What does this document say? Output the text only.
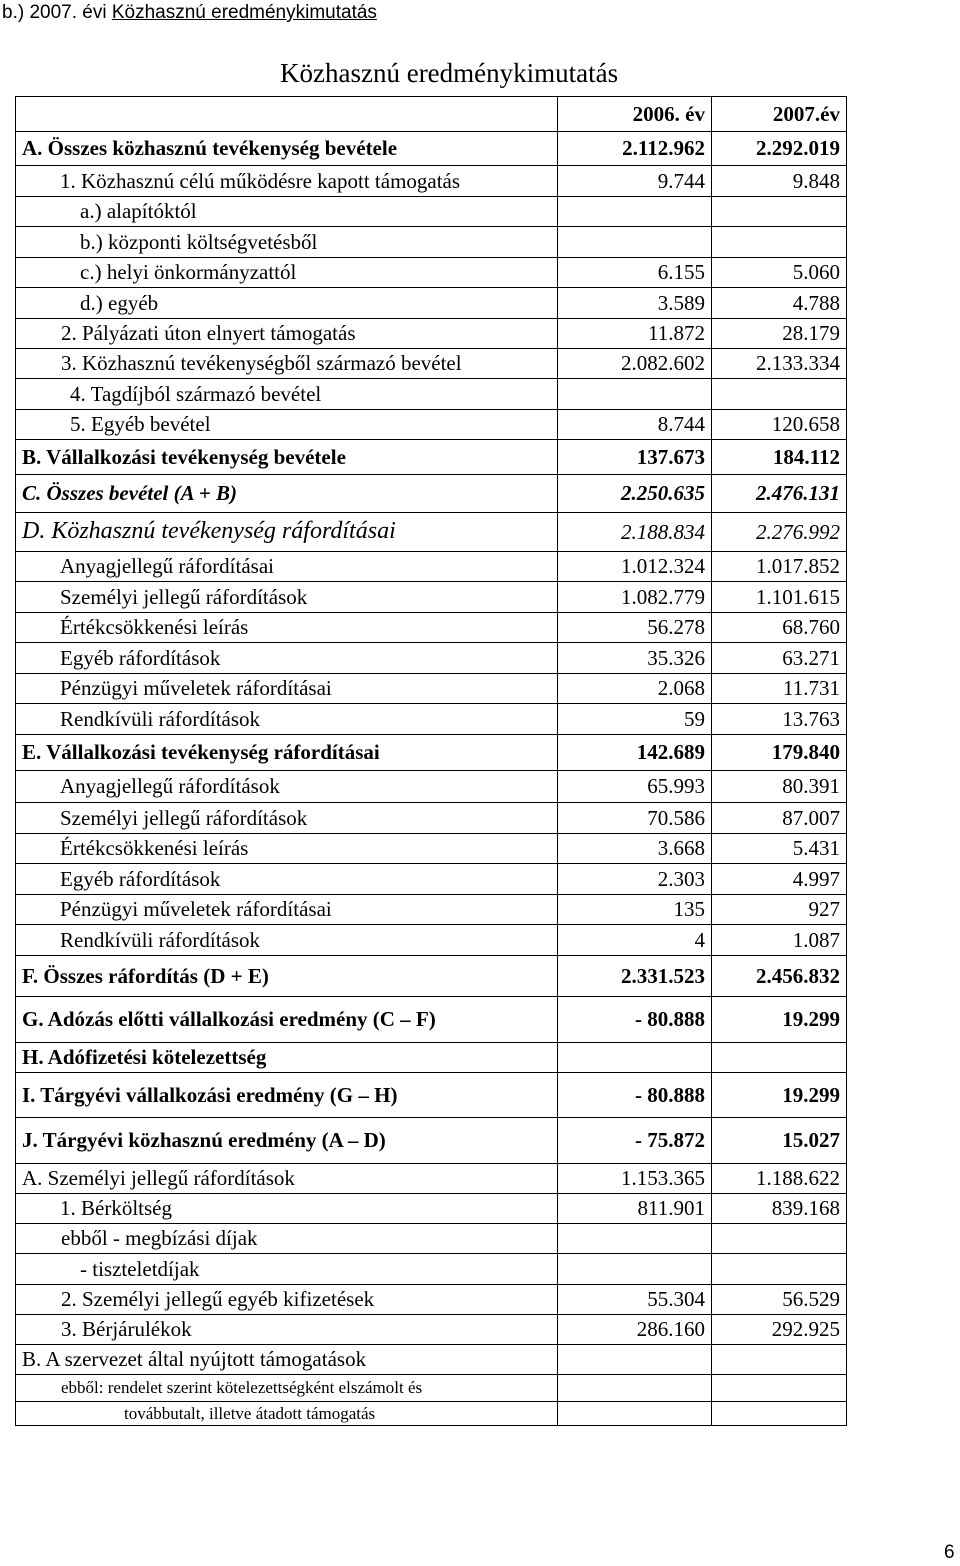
b.) 2007. évi Közhasznú eredménykimutatás
Közhasznú eredménykimutatás
	2006. év	2007.év
A. Összes közhasznú tevékenység bevétele	2.112.962	2.292.019
1. Közhasznú célú működésre kapott támogatás	9.744	9.848
a.) alapítóktól		
b.) központi költségvetésből		
c.) helyi önkormányzattól	6.155	5.060
d.) egyéb	3.589	4.788
2. Pályázati úton elnyert támogatás	11.872	28.179
3. Közhasznú tevékenységből származó bevétel	2.082.602	2.133.334
4. Tagdíjból származó bevétel		
5. Egyéb bevétel	8.744	120.658
B. Vállalkozási tevékenység bevétele	137.673	184.112
C. Összes bevétel (A + B)	2.250.635	2.476.131
D. Közhasznú tevékenység ráfordításai	2.188.834	2.276.992
Anyagjellegű ráfordításai	1.012.324	1.017.852
Személyi jellegű ráfordítások	1.082.779	1.101.615
Értékcsökkenési leírás	56.278	68.760
Egyéb ráfordítások	35.326	63.271
Pénzügyi műveletek ráfordításai	2.068	11.731
Rendkívüli ráfordítások	59	13.763
E. Vállalkozási tevékenység ráfordításai	142.689	179.840
Anyagjellegű ráfordítások	65.993	80.391
Személyi jellegű ráfordítások	70.586	87.007
Értékcsökkenési leírás	3.668	5.431
Egyéb ráfordítások	2.303	4.997
Pénzügyi műveletek ráfordításai	135	927
Rendkívüli ráfordítások	4	1.087
F. Összes ráfordítás (D + E)	2.331.523	2.456.832
G. Adózás előtti vállalkozási eredmény (C – F)	- 80.888	19.299
H. Adófizetési kötelezettség		
I. Tárgyévi vállalkozási eredmény (G – H)	- 80.888	19.299
J. Tárgyévi közhasznú eredmény (A – D)	- 75.872	15.027
A. Személyi jellegű ráfordítások	1.153.365	1.188.622
1. Bérköltség	811.901	839.168
ebből - megbízási díjak		
- tiszteletdíjak		
2. Személyi jellegű egyéb kifizetések	55.304	56.529
3. Bérjárulékok	286.160	292.925
B. A szervezet által nyújtott támogatások		
ebből: rendelet szerint kötelezettségként elszámolt és		
továbbutalt, illetve átadott támogatás		
6
